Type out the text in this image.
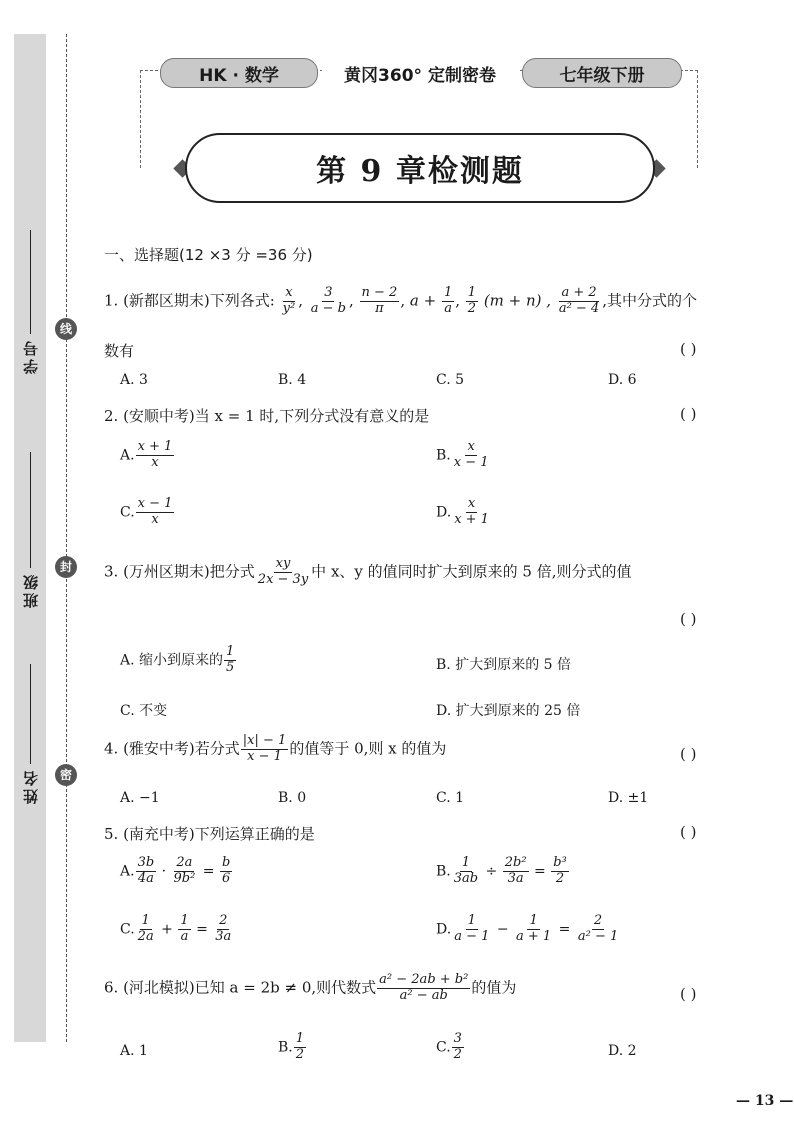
线
封
密
学号
班级
姓名
HK · 数学	黄冈360° 定制密卷	七年级下册
第 9 章检测题
一、选择题(12 ×3 分 =36 分)
1. (新都区期末)下列各式: $\frac{x}{\text{y²}}$ , $\frac{3}{a - b}$ , $\frac{n - 2}{\pi}$ , $a + \frac{1}{a}$ , $\frac{1}{2} (m + n)$ , $\frac{a + 2}{\text{a² − 4}}$ ,其中分式的个
数有	( )
A. 3	B. 4	C. 5	D. 6
2. (安顺中考)当 x = 1 时,下列分式没有意义的是	( )
A. $\frac{x + 1}{x}$	B. $\frac{x}{x - 1}$
C. $\frac{x - 1}{x}$	D. $\frac{x}{x + 1}$
3. (万州区期末)把分式 $\frac{xy}{2x - 3y}$ 中 x、y 的值同时扩大到原来的 5 倍,则分式的值
( )
A. 缩小到原来的 $\frac{1}{5}$	B. 扩大到原来的 5 倍
C. 不变	D. 扩大到原来的 25 倍
4. (雅安中考)若分式 $\frac{|x| - 1}{x - 1}$ 的值等于 0,则 x 的值为	( )
A. −1	B. 0	C. 1	D. ±1
5. (南充中考)下列运算正确的是	( )
A. $\frac{3b}{4a} \cdot \frac{2a}{\text{9b²}} = \frac{b}{6}$	B. $\frac{1}{3ab} \div \frac{\text{2b²}}{3a} = \frac{\text{b³}}{2}$
C. $\frac{1}{2a} + \frac{1}{a} = \frac{2}{3a}$	D. $\frac{1}{a - 1} - \frac{1}{a + 1} = \frac{2}{\text{a² − 1}}$
6. (河北模拟)已知 a = 2b ≠ 0,则代数式 $\frac{\text{a² − 2ab + b²}}{\text{a² − ab}}$ 的值为	( )
A. 1	B. $\frac{1}{2}$	C. $\frac{3}{2}$	D. 2
— 13 —
